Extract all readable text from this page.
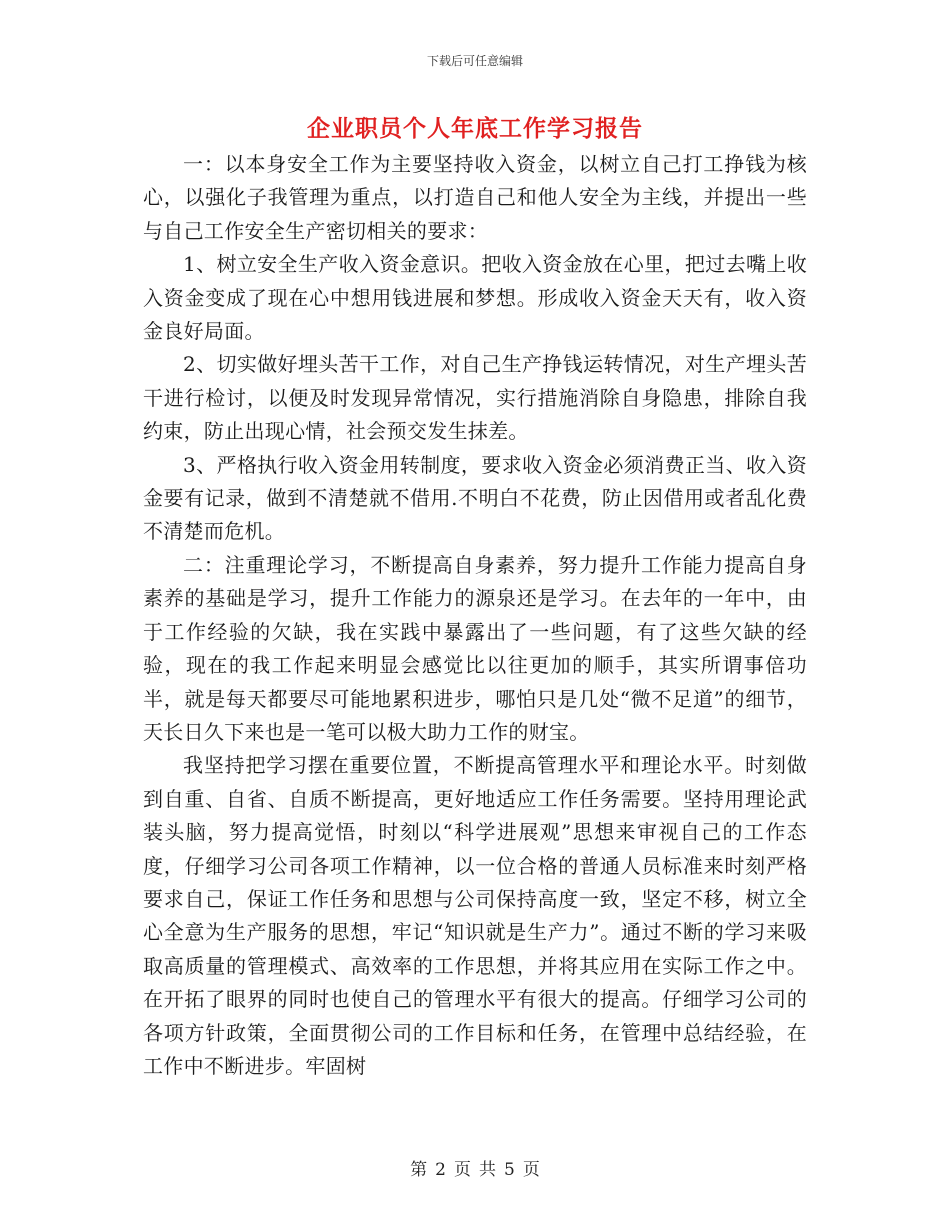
下载后可任意编辑
企业职员个人年底工作学习报告

一：以本身安全工作为主要坚持收入资金，以树立自己打工挣钱为核心，以强化子我管理为重点，以打造自己和他人安全为主线，并提出一些与自己工作安全生产密切相关的要求：

1、树立安全生产收入资金意识。把收入资金放在心里，把过去嘴上收入资金变成了现在心中想用钱进展和梦想。形成收入资金天天有，收入资金良好局面。

2、切实做好埋头苦干工作，对自己生产挣钱运转情况，对生产埋头苦干进行检讨，以便及时发现异常情况，实行措施消除自身隐患，排除自我约束，防止出现心情，社会预交发生抹差。

3、严格执行收入资金用转制度，要求收入资金必须消费正当、收入资金要有记录，做到不清楚就不借用.不明白不花费，防止因借用或者乱化费不清楚而危机。

二：注重理论学习，不断提高自身素养，努力提升工作能力提高自身素养的基础是学习，提升工作能力的源泉还是学习。在去年的一年中，由于工作经验的欠缺，我在实践中暴露出了一些问题，有了这些欠缺的经验，现在的我工作起来明显会感觉比以往更加的顺手，其实所谓事倍功半，就是每天都要尽可能地累积进步，哪怕只是几处“微不足道”的细节，天长日久下来也是一笔可以极大助力工作的财宝。

我坚持把学习摆在重要位置，不断提高管理水平和理论水平。时刻做到自重、自省、自质不断提高，更好地适应工作任务需要。坚持用理论武装头脑，努力提高觉悟，时刻以“科学进展观”思想来审视自己的工作态度，仔细学习公司各项工作精神，以一位合格的普通人员标准来时刻严格要求自己，保证工作任务和思想与公司保持高度一致，坚定不移，树立全心全意为生产服务的思想，牢记“知识就是生产力”。通过不断的学习来吸取高质量的管理模式、高效率的工作思想，并将其应用在实际工作之中。在开拓了眼界的同时也使自己的管理水平有很大的提高。仔细学习公司的各项方针政策，全面贯彻公司的工作目标和任务，在管理中总结经验，在工作中不断进步。牢固树

第 2 页 共 5 页
